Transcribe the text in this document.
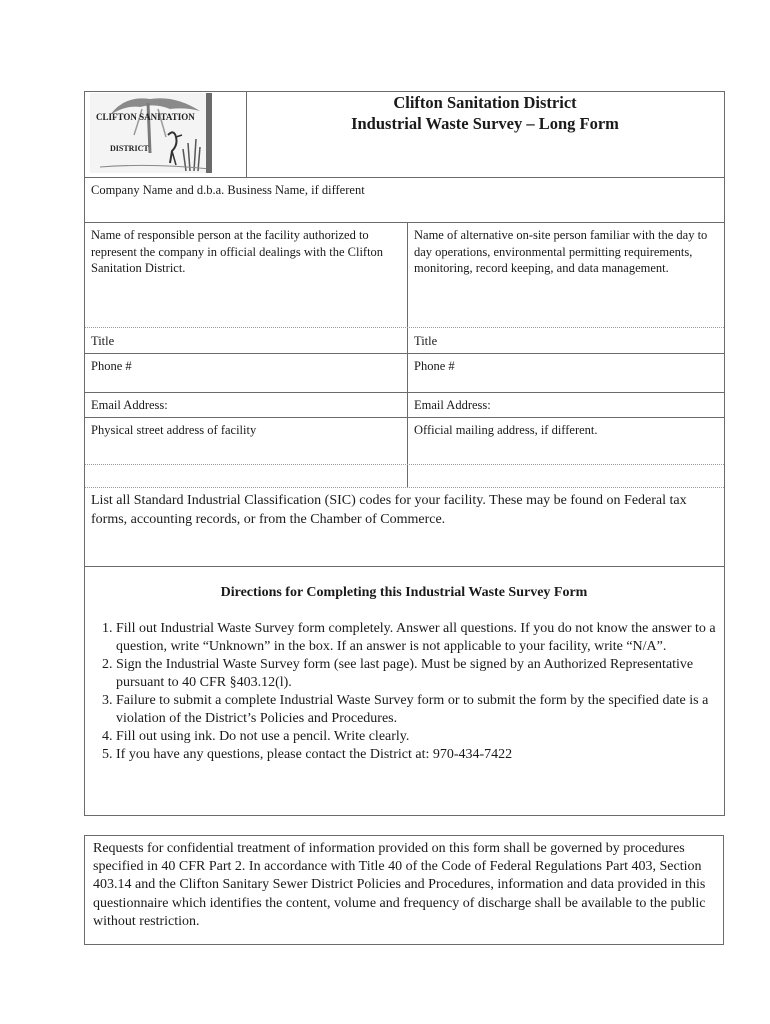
CLIFTON SANITATION
DISTRICT
Clifton Sanitation District
Industrial Waste Survey – Long Form
Company Name and d.b.a. Business Name, if different
Name of responsible person at the facility authorized to represent the company in official dealings with the Clifton Sanitation District.
Name of alternative on-site person familiar with the day to day operations, environmental permitting requirements, monitoring, record keeping, and data management.
Title	Title
Phone #	Phone #
Email Address:	Email Address:
Physical street address of facility	Official mailing address, if different.
List all Standard Industrial Classification (SIC) codes for your facility. These may be found on Federal tax forms, accounting records, or from the Chamber of Commerce.
Directions for Completing this Industrial Waste Survey Form
1. Fill out Industrial Waste Survey form completely. Answer all questions. If you do not know the answer to a question, write “Unknown” in the box. If an answer is not applicable to your facility, write “N/A”.
2. Sign the Industrial Waste Survey form (see last page). Must be signed by an Authorized Representative pursuant to 40 CFR §403.12(l).
3. Failure to submit a complete Industrial Waste Survey form or to submit the form by the specified date is a violation of the District’s Policies and Procedures.
4. Fill out using ink. Do not use a pencil. Write clearly.
5. If you have any questions, please contact the District at: 970-434-7422
Requests for confidential treatment of information provided on this form shall be governed by procedures specified in 40 CFR Part 2. In accordance with Title 40 of the Code of Federal Regulations Part 403, Section 403.14 and the Clifton Sanitary Sewer District Policies and Procedures, information and data provided in this questionnaire which identifies the content, volume and frequency of discharge shall be available to the public without restriction.
